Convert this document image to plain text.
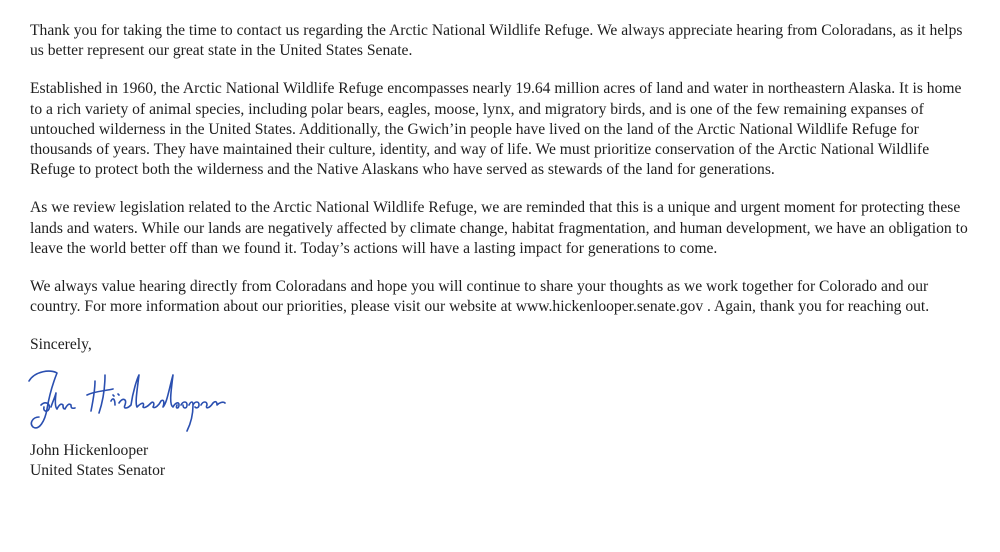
Thank you for taking the time to contact us regarding the Arctic National Wildlife Refuge. We always appreciate hearing from Coloradans, as it helps us better represent our great state in the United States Senate.

Established in 1960, the Arctic National Wildlife Refuge encompasses nearly 19.64 million acres of land and water in northeastern Alaska. It is home to a rich variety of animal species, including polar bears, eagles, moose, lynx, and migratory birds, and is one of the few remaining expanses of untouched wilderness in the United States. Additionally, the Gwich’in people have lived on the land of the Arctic National Wildlife Refuge for thousands of years. They have maintained their culture, identity, and way of life. We must prioritize conservation of the Arctic National Wildlife Refuge to protect both the wilderness and the Native Alaskans who have served as stewards of the land for generations.

As we review legislation related to the Arctic National Wildlife Refuge, we are reminded that this is a unique and urgent moment for protecting these lands and waters. While our lands are negatively affected by climate change, habitat fragmentation, and human development, we have an obligation to leave the world better off than we found it. Today’s actions will have a lasting impact for generations to come.

We always value hearing directly from Coloradans and hope you will continue to share your thoughts as we work together for Colorado and our country. For more information about our priorities, please visit our website at www.hickenlooper.senate.gov . Again, thank you for reaching out.

Sincerely,

John Hickenlooper

United States Senator
